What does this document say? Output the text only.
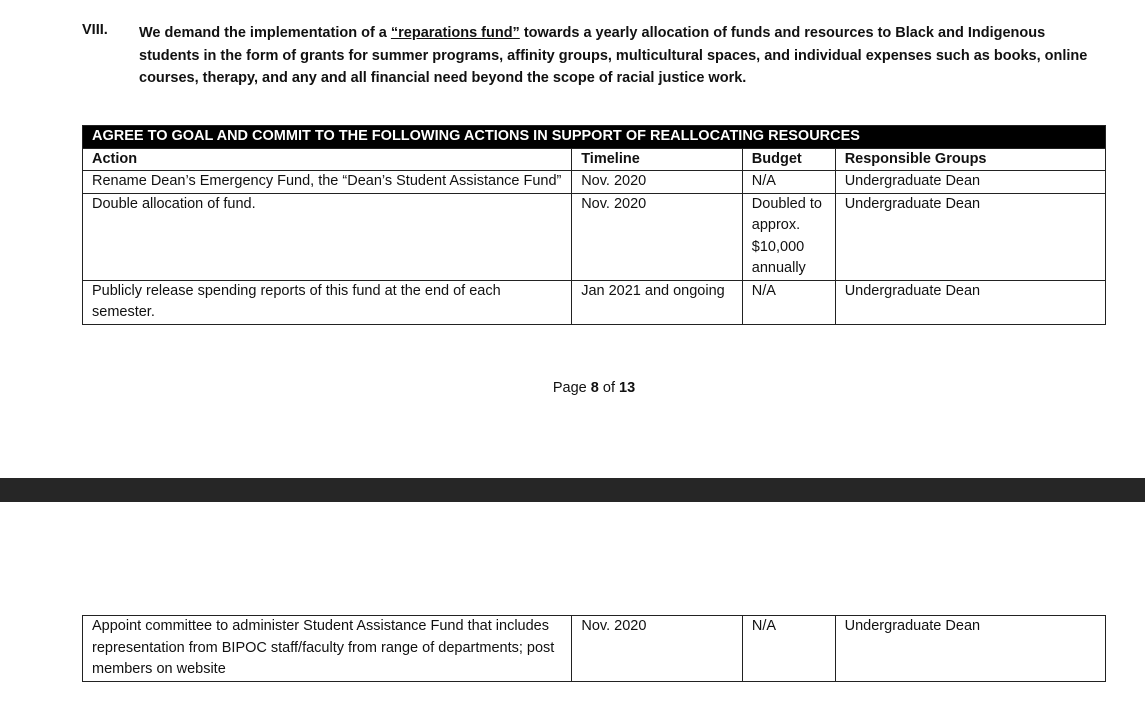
VIII. We demand the implementation of a “reparations fund” towards a yearly allocation of funds and resources to Black and Indigenous students in the form of grants for summer programs, affinity groups, multicultural spaces, and individual expenses such as books, online courses, therapy, and any and all financial need beyond the scope of racial justice work.
AGREE TO GOAL AND COMMIT TO THE FOLLOWING ACTIONS IN SUPPORT OF REALLOCATING RESOURCES			
Action	Timeline	Budget	Responsible Groups
Rename Dean’s Emergency Fund, the “Dean’s Student Assistance Fund”	Nov. 2020	N/A	Undergraduate Dean
Double allocation of fund.	Nov. 2020	Doubled to approx. $10,000 annually	Undergraduate Dean
Publicly release spending reports of this fund at the end of each semester.	Jan 2021 and ongoing	N/A	Undergraduate Dean
Page 8 of 13
Appoint committee to administer Student Assistance Fund that includes representation from BIPOC staff/faculty from range of departments; post members on website	Nov. 2020	N/A	Undergraduate Dean
